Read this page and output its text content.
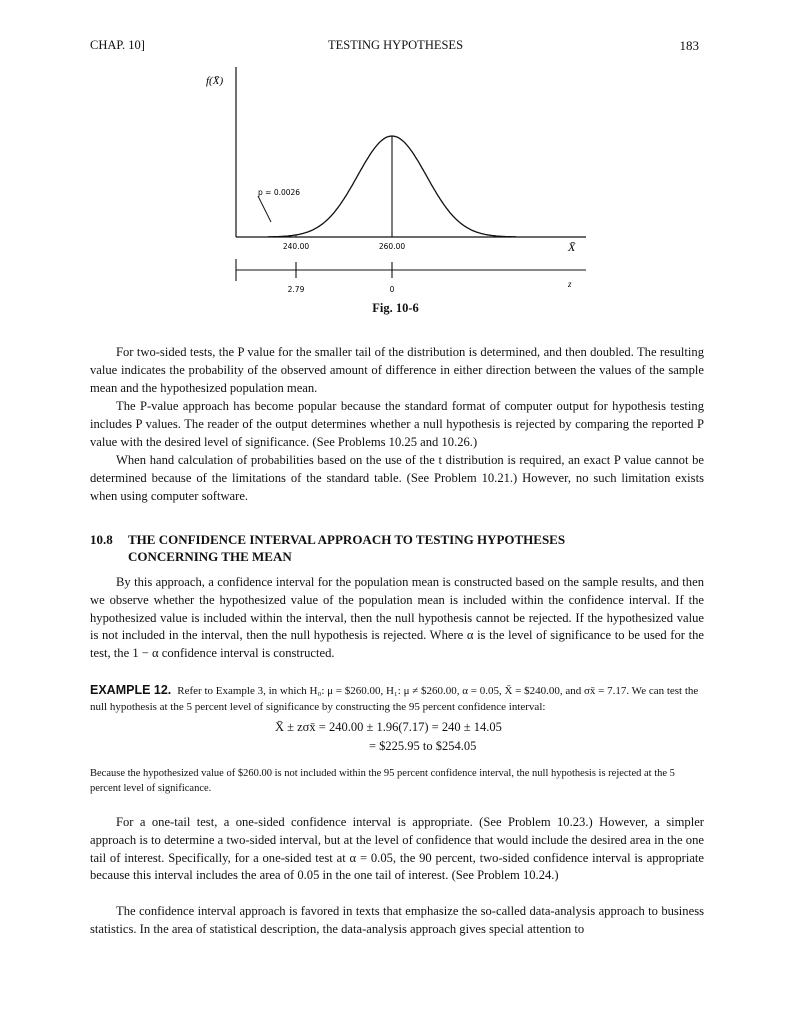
CHAP. 10]	TESTING HYPOTHESES	183
f(X̄)
p = 0.0026
240.00	260.00	X̄
2.79	0
z
Fig. 10-6

For two-sided tests, the P value for the smaller tail of the distribution is determined, and then doubled. The resulting value indicates the probability of the observed amount of difference in either direction between the values of the sample mean and the hypothesized population mean.

The P-value approach has become popular because the standard format of computer output for hypothesis testing includes P values. The reader of the output determines whether a null hypothesis is rejected by comparing the reported P value with the desired level of significance. (See Problems 10.25 and 10.26.)

When hand calculation of probabilities based on the use of the t distribution is required, an exact P value cannot be determined because of the limitations of the standard table. (See Problem 10.21.) However, no such limitation exists when using computer software.

10.8 THE CONFIDENCE INTERVAL APPROACH TO TESTING HYPOTHESES
CONCERNING THE MEAN

By this approach, a confidence interval for the population mean is constructed based on the sample results, and then we observe whether the hypothesized value of the population mean is included within the confidence interval. If the hypothesized value is included within the interval, then the null hypothesis cannot be rejected. If the hypothesized value is not included in the interval, then the null hypothesis is rejected. Where α is the level of significance to be used for the test, the 1 − α confidence interval is constructed.

EXAMPLE 12. Refer to Example 3, in which H₀: μ = $260.00, H₁: μ ≠ $260.00, α = 0.05, X̄ = $240.00, and σx̄ = 7.17. We can test the null hypothesis at the 5 percent level of significance by constructing the 95 percent confidence interval:
X̄ ± zσx̄ = 240.00 ± 1.96(7.17) = 240 ± 14.05
= $225.95 to $254.05
Because the hypothesized value of $260.00 is not included within the 95 percent confidence interval, the null hypothesis is rejected at the 5 percent level of significance.

For a one-tail test, a one-sided confidence interval is appropriate. (See Problem 10.23.) However, a simpler approach is to determine a two-sided interval, but at the level of confidence that would include the desired area in the one tail of interest. Specifically, for a one-sided test at α = 0.05, the 90 percent, two-sided confidence interval is appropriate because this interval includes the area of 0.05 in the one tail of interest. (See Problem 10.24.)

The confidence interval approach is favored in texts that emphasize the so-called data-analysis approach to business statistics. In the area of statistical description, the data-analysis approach gives special attention to
